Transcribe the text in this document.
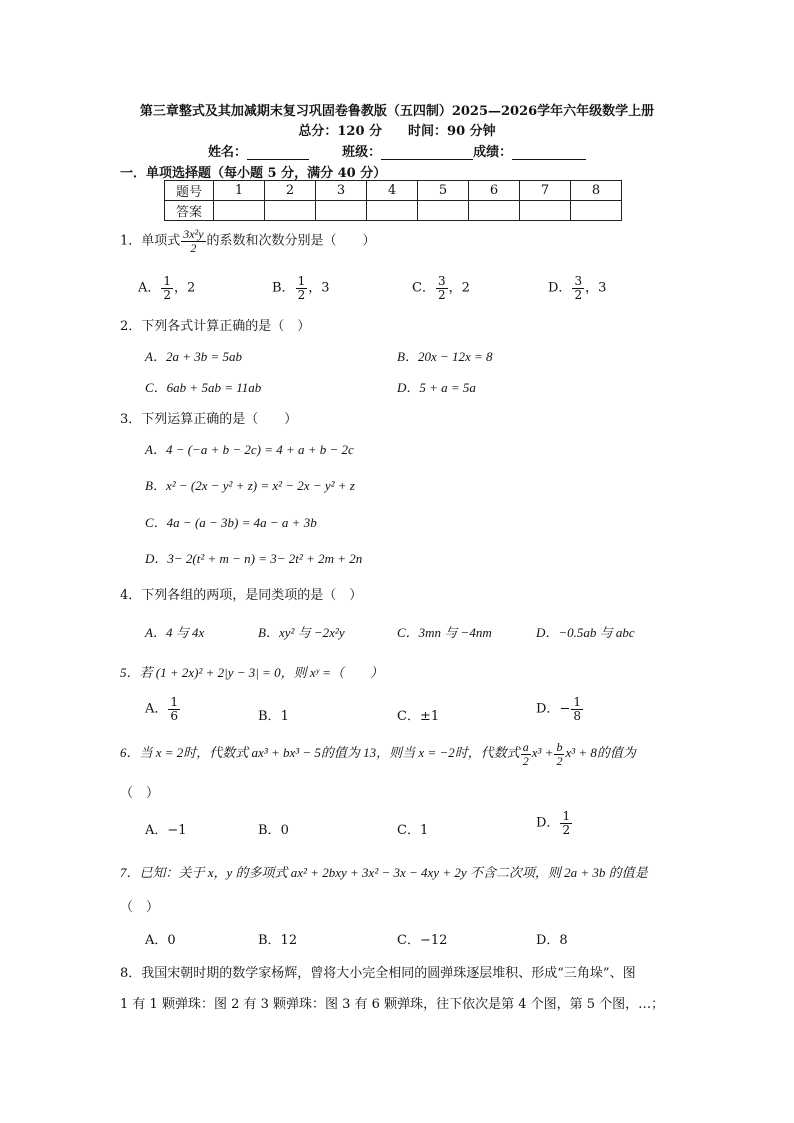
第三章整式及其加减期末复习巩固卷鲁教版（五四制）2025—2026学年六年级数学上册
总分：120 分　　时间：90 分钟
姓名：	班级：	成绩：
一．单项选择题（每小题 5 分，满分 40 分）
题号	1	2	3	4	5	6	7	8
答案								
1．单项式 $\frac{\text{3x²y}}{2}$ 的系数和次数分别是（　　）
A． $\frac{1}{2}$ ，2	B． $\frac{1}{2}$ ，3	C． $\frac{3}{2}$ ，2	D． $\frac{3}{2}$ ，3
2．下列各式计算正确的是（　）
A．2a + 3b = 5ab	B．20x − 12x = 8
C．6ab + 5ab = 11ab	D．5 + a = 5a
3．下列运算正确的是（　　）
A．4 − (−a + b − 2c) = 4 + a + b − 2c
B．x² − (2x − y² + z) = x² − 2x − y² + z
C．4a − (a − 3b) = 4a − a + 3b
D．3− 2(t² + m − n) = 3− 2t² + 2m + 2n
4．下列各组的两项，是同类项的是（　）
A．4 与 4x	B．xy² 与 −2x²y	C．3mn 与 −4nm	D．−0.5ab 与 abc
5．若 (1 + 2x)² + 2|y − 3| = 0，则 xʸ =（　　）
A． $\frac{1}{6}$	B．1	C．±1	D．− $\frac{1}{8}$
6．当 x = 2时，代数式 ax³ + bx³ − 5的值为 13，则当 x = −2时，代数式 $\frac{a}{2} x^3 + \frac{b}{2} x^3 + 8$的值为
（　）
A．−1	B．0	C．1	D． $\frac{1}{2}$
7．已知：关于 x，y 的多项式 ax² + 2bxy + 3x² − 3x − 4xy + 2y 不含二次项，则 2a + 3b 的值是
（　）
A．0	B．12	C．−12	D．8
8．我国宋朝时期的数学家杨辉，曾将大小完全相同的圆弹珠逐层堆积、形成“三角垛”、图
1 有 1 颗弹珠：图 2 有 3 颗弹珠：图 3 有 6 颗弹珠，往下依次是第 4 个图，第 5 个图，…；
